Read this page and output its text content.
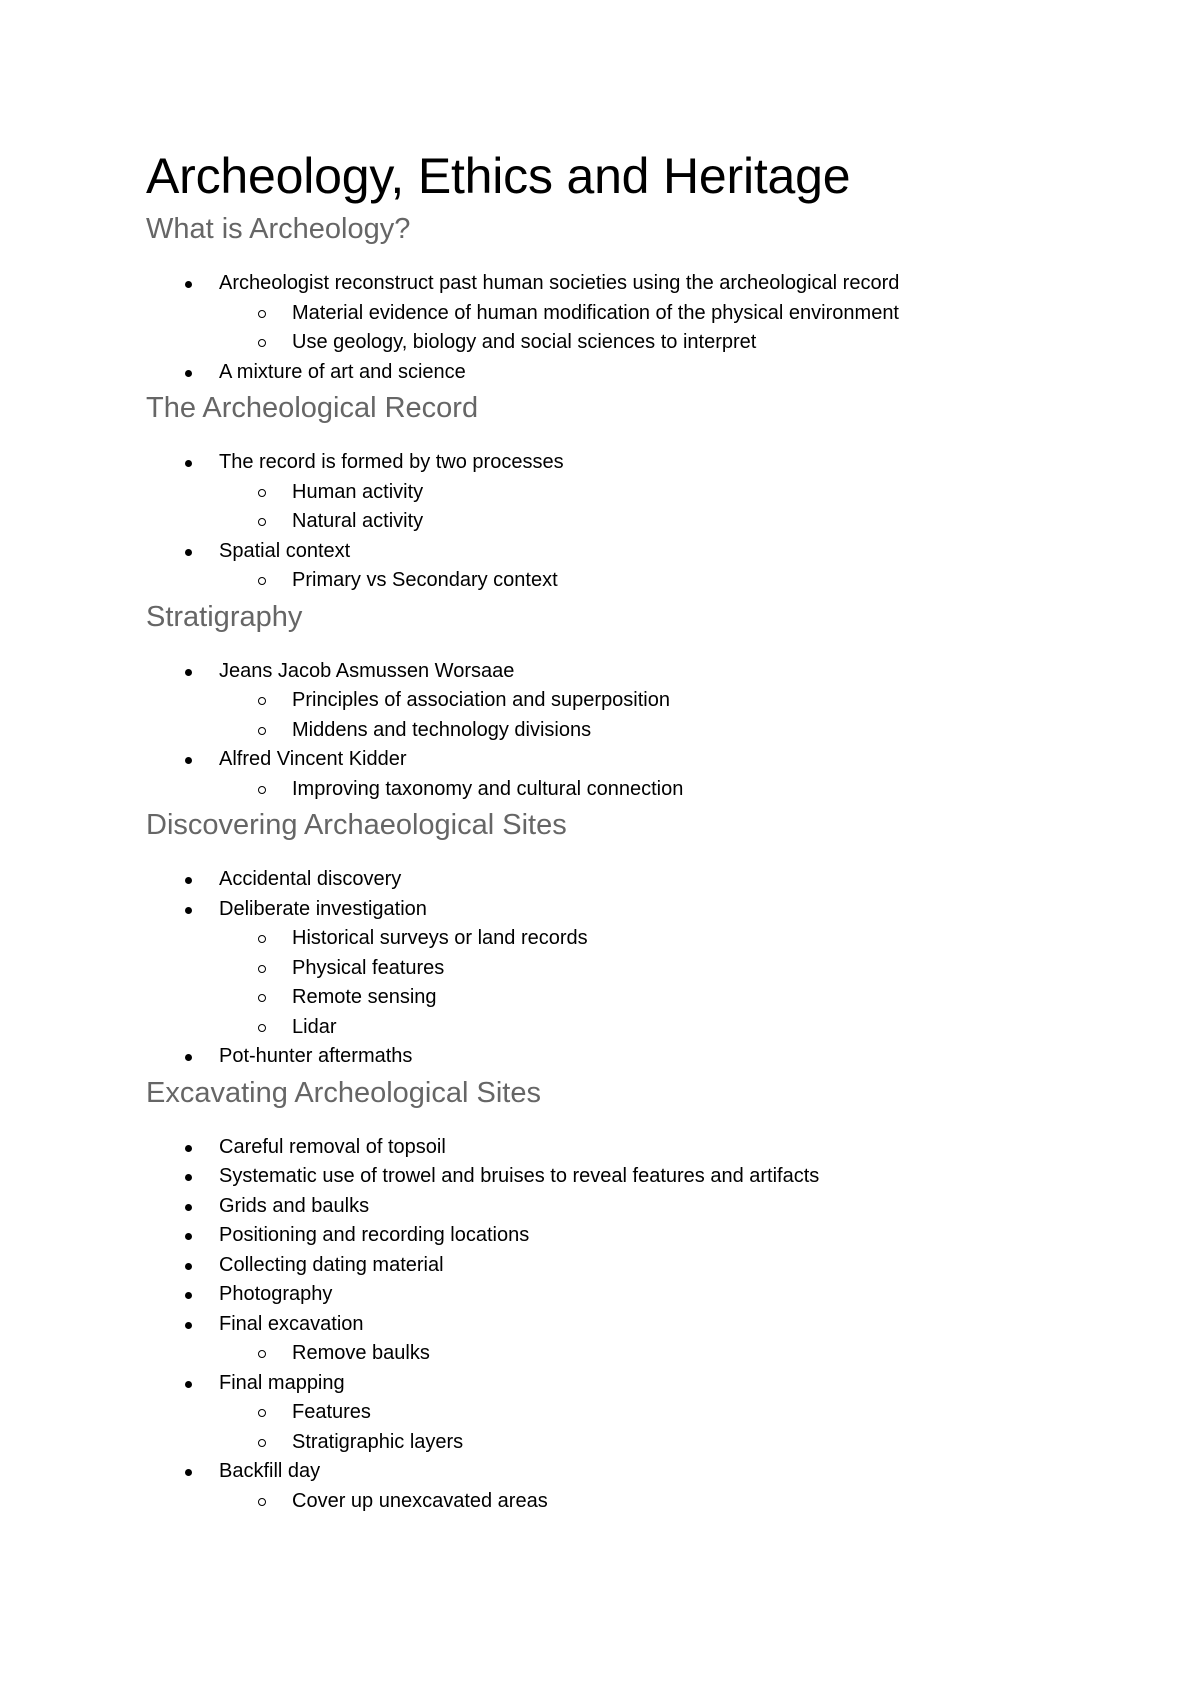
Archeology, Ethics and Heritage
What is Archeology?
Archeologist reconstruct past human societies using the archeological record
Material evidence of human modification of the physical environment
Use geology, biology and social sciences to interpret
A mixture of art and science
The Archeological Record
The record is formed by two processes
Human activity
Natural activity
Spatial context
Primary vs Secondary context
Stratigraphy
Jeans Jacob Asmussen Worsaae
Principles of association and superposition
Middens and technology divisions
Alfred Vincent Kidder
Improving taxonomy and cultural connection
Discovering Archaeological Sites
Accidental discovery
Deliberate investigation
Historical surveys or land records
Physical features
Remote sensing
Lidar
Pot-hunter aftermaths
Excavating Archeological Sites
Careful removal of topsoil
Systematic use of trowel and bruises to reveal features and artifacts
Grids and baulks
Positioning and recording locations
Collecting dating material
Photography
Final excavation
Remove baulks
Final mapping
Features
Stratigraphic layers
Backfill day
Cover up unexcavated areas
